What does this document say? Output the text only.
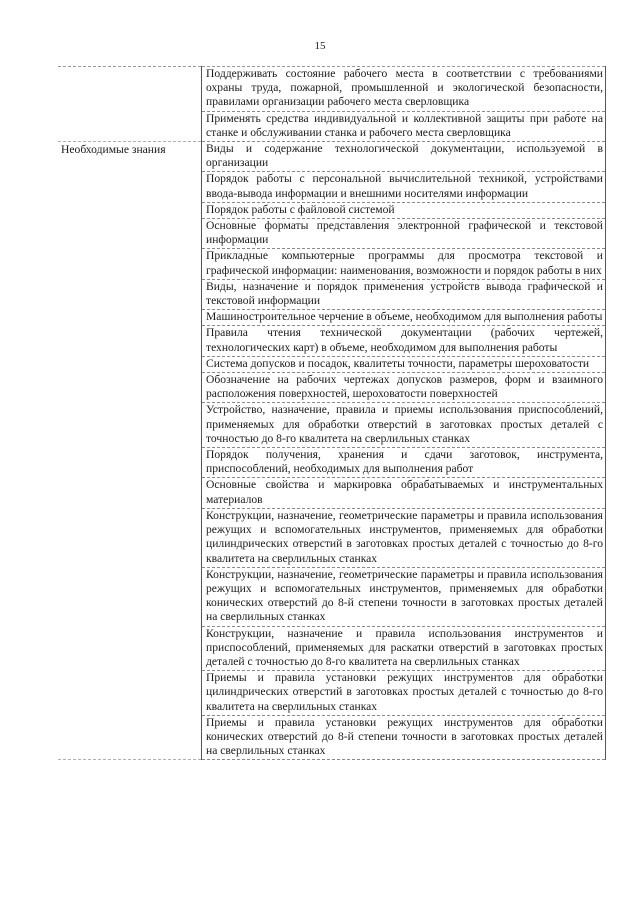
15
	Поддерживать состояние рабочего места в соответствии с требованиями охраны труда, пожарной, промышленной и экологической безопасности, правилами организации рабочего места сверловщика
	Применять средства индивидуальной и коллективной защиты при работе на станке и обслуживании станка и рабочего места сверловщика
Необходимые знания	Виды и содержание технологической документации, используемой в организации
	Порядок работы с персональной вычислительной техникой, устройствами ввода-вывода информации и внешними носителями информации
	Порядок работы с файловой системой
	Основные форматы представления электронной графической и текстовой информации
	Прикладные компьютерные программы для просмотра текстовой и графической информации: наименования, возможности и порядок работы в них
	Виды, назначение и порядок применения устройств вывода графической и текстовой информации
	Машиностроительное черчение в объеме, необходимом для выполнения работы
	Правила чтения технической документации (рабочих чертежей, технологических карт) в объеме, необходимом для выполнения работы
	Система допусков и посадок, квалитеты точности, параметры шероховатости
	Обозначение на рабочих чертежах допусков размеров, форм и взаимного расположения поверхностей, шероховатости поверхностей
	Устройство, назначение, правила и приемы использования приспособлений, применяемых для обработки отверстий в заготовках простых деталей с точностью до 8-го квалитета на сверлильных станках
	Порядок получения, хранения и сдачи заготовок, инструмента, приспособлений, необходимых для выполнения работ
	Основные свойства и маркировка обрабатываемых и инструментальных материалов
	Конструкции, назначение, геометрические параметры и правила использования режущих и вспомогательных инструментов, применяемых для обработки цилиндрических отверстий в заготовках простых деталей с точностью до 8-го квалитета на сверлильных станках
	Конструкции, назначение, геометрические параметры и правила использования режущих и вспомогательных инструментов, применяемых для обработки конических отверстий до 8-й степени точности в заготовках простых деталей на сверлильных станках
	Конструкции, назначение и правила использования инструментов и приспособлений, применяемых для раскатки отверстий в заготовках простых деталей с точностью до 8-го квалитета на сверлильных станках
	Приемы и правила установки режущих инструментов для обработки цилиндрических отверстий в заготовках простых деталей с точностью до 8-го квалитета на сверлильных станках
	Приемы и правила установки режущих инструментов для обработки конических отверстий до 8-й степени точности в заготовках простых деталей на сверлильных станках
